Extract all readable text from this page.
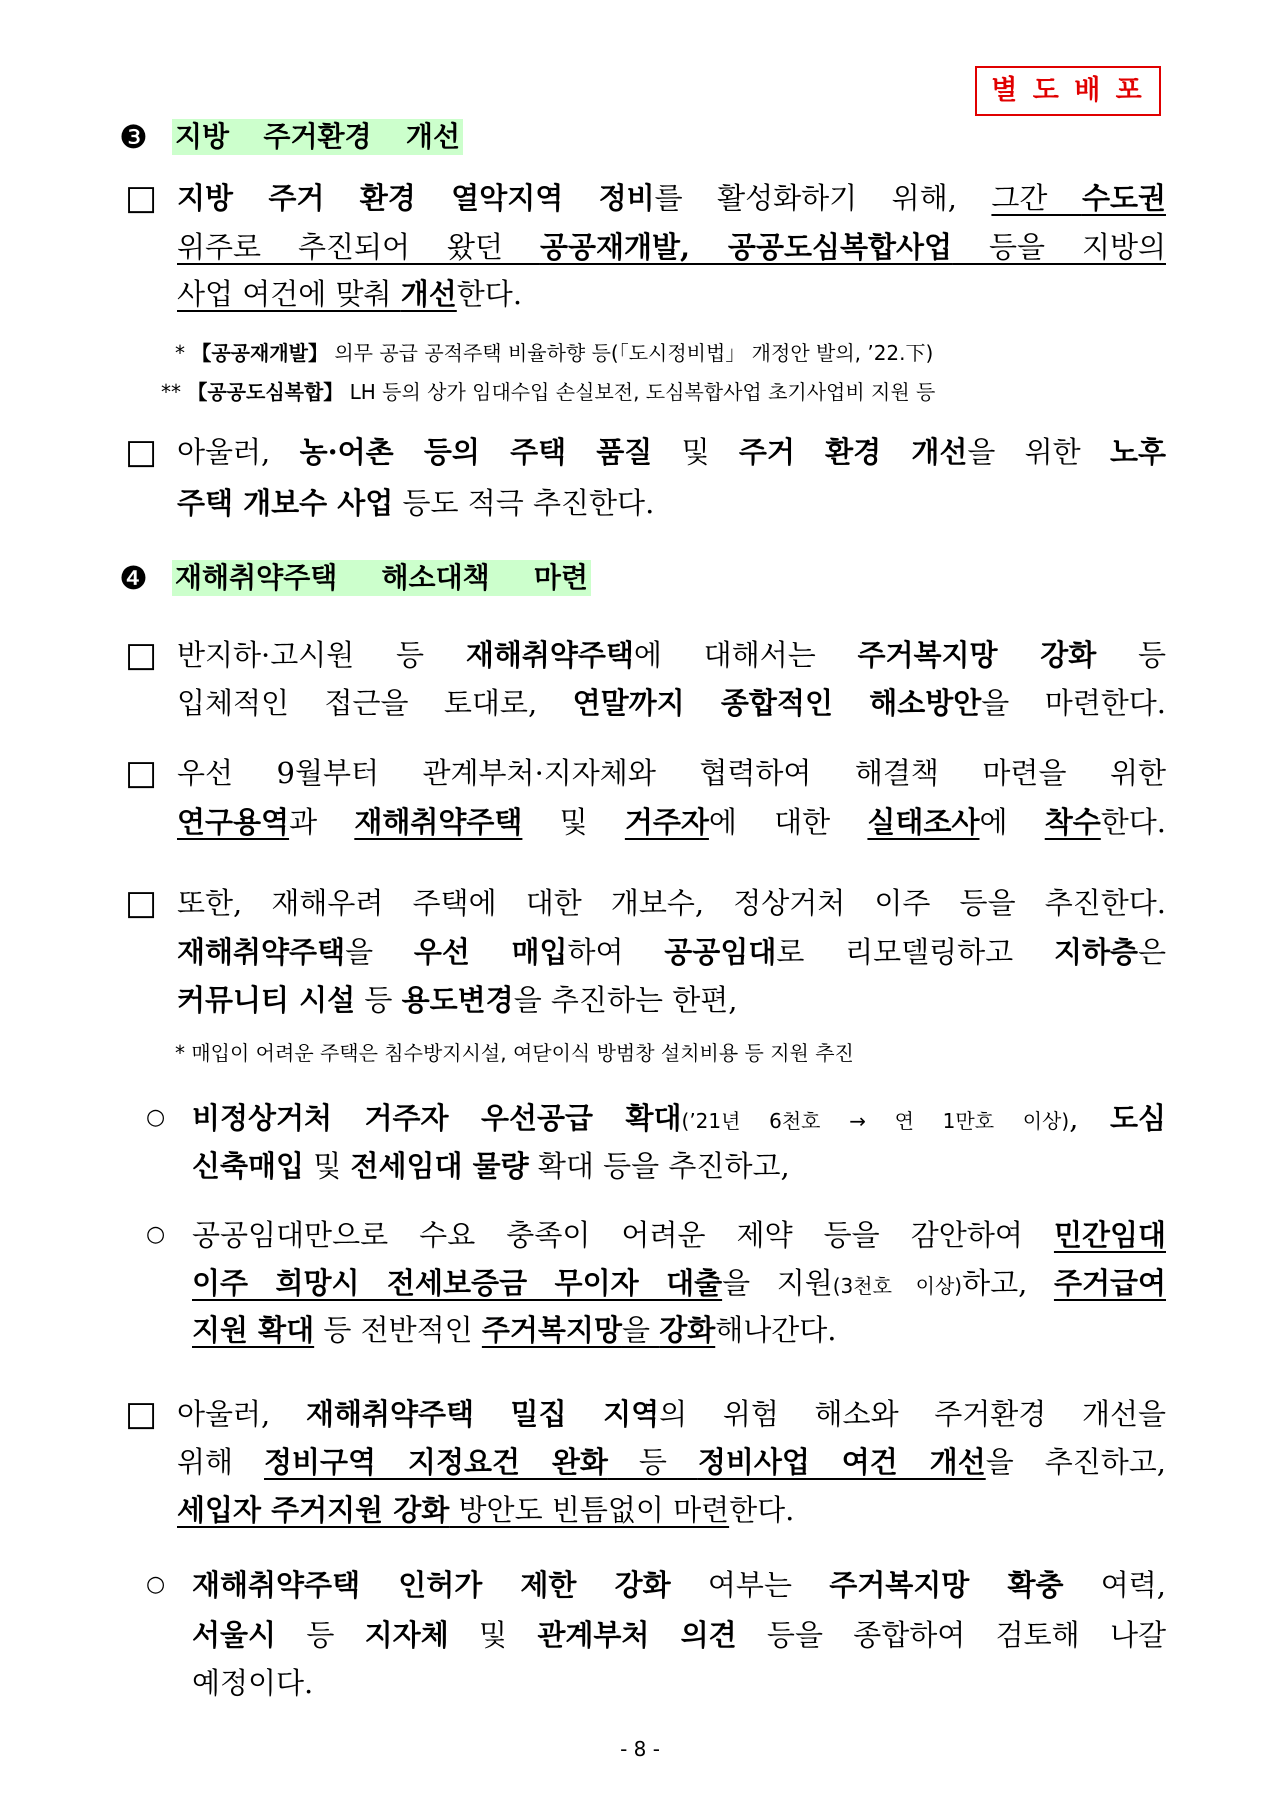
별 도 배 포
❸ 지방 주거환경 개선
□ 지방 주거 환경 열악지역 정비를 활성화하기 위해, 그간 수도권
위주로 추진되어 왔던 공공재개발, 공공도심복합사업 등을 지방의
사업 여건에 맞춰 개선한다.
* 【공공재개발】 의무 공급 공적주택 비율하향 등(「도시정비법」 개정안 발의, ’22.下)
** 【공공도심복합】 LH 등의 상가 임대수입 손실보전, 도심복합사업 초기사업비 지원 등
□ 아울러, 농·어촌 등의 주택 품질 및 주거 환경 개선을 위한 노후
주택 개보수 사업 등도 적극 추진한다.
❹ 재해취약주택 해소대책 마련
□ 반지하·고시원 등 재해취약주택에 대해서는 주거복지망 강화 등
입체적인 접근을 토대로, 연말까지 종합적인 해소방안을 마련한다.
□ 우선 9월부터 관계부처·지자체와 협력하여 해결책 마련을 위한
연구용역과 재해취약주택 및 거주자에 대한 실태조사에 착수한다.
□ 또한, 재해우려 주택에 대한 개보수, 정상거처 이주 등을 추진한다.
재해취약주택을 우선 매입하여 공공임대로 리모델링하고 지하층은
커뮤니티 시설 등 용도변경을 추진하는 한편,
* 매입이 어려운 주택은 침수방지시설, 여닫이식 방범창 설치비용 등 지원 추진
○ 비정상거처 거주자 우선공급 확대(’21년 6천호 → 연 1만호 이상), 도심
신축매입 및 전세임대 물량 확대 등을 추진하고,
○ 공공임대만으로 수요 충족이 어려운 제약 등을 감안하여 민간임대
이주 희망시 전세보증금 무이자 대출을 지원(3천호 이상)하고, 주거급여
지원 확대 등 전반적인 주거복지망을 강화해나간다.
□ 아울러, 재해취약주택 밀집 지역의 위험 해소와 주거환경 개선을
위해 정비구역 지정요건 완화 등 정비사업 여건 개선을 추진하고,
세입자 주거지원 강화 방안도 빈틈없이 마련한다.
○ 재해취약주택 인허가 제한 강화 여부는 주거복지망 확충 여력,
서울시 등 지자체 및 관계부처 의견 등을 종합하여 검토해 나갈
예정이다.
- 8 -
